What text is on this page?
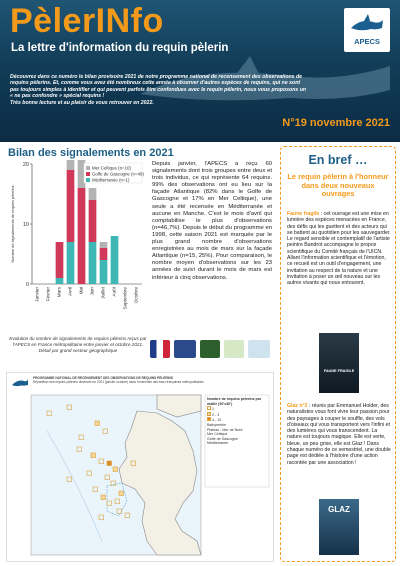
PèlerINfo
La lettre d'information du requin pèlerin
Découvrez dans ce numéro le bilan provisoire 2021 de notre programme national de recensement des observations de requins pèlerins. Et, comme vous avez été nombreux cette année à observer d'autres espèces de requins, qui ne sont pas toujours simples à identifier et qui peuvent parfois être confondues avec le requin pèlerin, nous vous proposons un « ne pas confondre » spécial requins !
Très bonne lecture et au plaisir de vous retrouver en 2022.
APECS
N°19 novembre 2021
Bilan des signalements en 2021
0
10
20
Nombre de signalements de requins pèlerins
Janvier Février Mars Avril Mai Juin Juillet Août Septembre Octobre
Mer Celtique (n=10)
Golfe de Gascogne (n=49)
Méditerranée (n=1)
Evolution du nombre de signalements de requins pèlerins reçus par l'APECS en France métropolitaine entre janvier et octobre 2021. Détail par grand secteur géographique
Depuis janvier, l'APECS a reçu 60 signalements dont trois groupes entre deux et trois individus, ce qui représente 64 requins. 99% des observations ont eu lieu sur la façade Atlantique (82% dans le Golfe de Gascogne et 17% en Mer Celtique), une seule a été recensée en Méditerranée et aucune en Manche. C'est le mois d'avril qui comptabilise le plus d'observations (n=46,7%). Depuis le début du programme en 1998, cette saison 2021 est marquée par le plus grand nombre d'observations enregistrées au mois de mars sur la façade Atlantique (n=15, 25%). Pour comparaison, le nombre moyen d'observations sur les 23 années de suivi durant le mois de mars est inférieur à cinq observations.
PROGRAMME NATIONAL DE RECENSEMENT DES OBSERVATIONS DE REQUINS PÈLERINS
Répartition des requins pèlerins observés en 2021 (janvier-octobre) dans l'ensemble des eaux françaises métropolitaines
Nombre de requins pèlerins par maille (30'x30')
1
2 - 3
4 - 10
Bathymétrie
Plateau - Mer de Nord
Mer Celtique
Golfe de Gascogne
Méditerranée
En bref …
Le requin pèlerin à l'honneur dans deux nouveaux ouvrages
Faune fragile : cet ouvrage est une mise en lumière des espèces menacées en France, des défis qui les guettent et des acteurs qui se battent au quotidien pour les sauvegarder. Le regard sensible et contemplatif de l'artiste peintre Bandrot accompagne le propos scientifique du Comité français de l'UICN. Allant l'information scientifique et l'émotion, ce recueil est un outil d'engagement, une invitation au respect de la nature et une invitation à poser un œil nouveau sur les autres vivants qui nous entourent.
FAUNE FRAGILE
Glaz n°2 : réunis par Emmanuel Holder, des naturalistes vous font vivre leur passion pour des paysages à couper le souffle, des vols d'oiseaux qui vous transportent vers l'infini et des lumières qui vous transcendent. La nature est toujours magique. Elle est verte, bleue, un peu grise, elle est Glaz ! Dans chaque numéro de ce semestriel, une double page est dédiée à l'histoire d'une action racontée par une association !
GLAZ
